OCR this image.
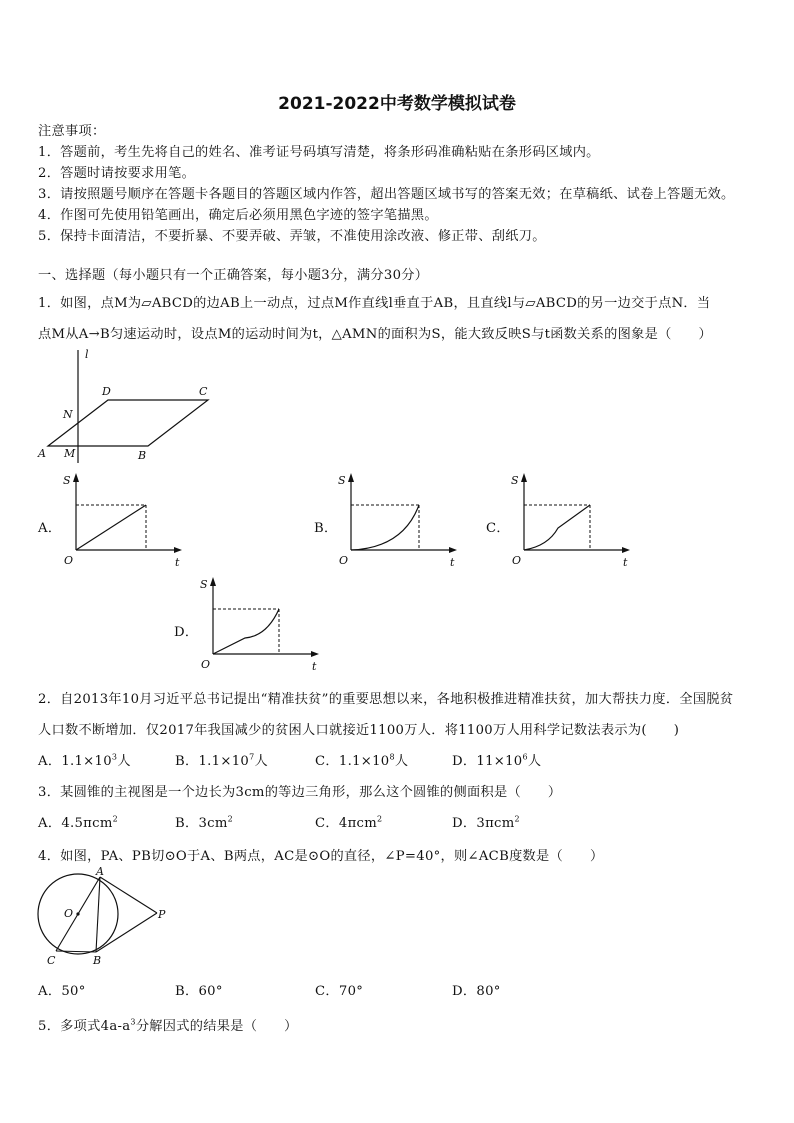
2021-2022中考数学模拟试卷
注意事项：
1．答题前，考生先将自己的姓名、准考证号码填写清楚，将条形码准确粘贴在条形码区域内。
2．答题时请按要求用笔。
3．请按照题号顺序在答题卡各题目的答题区域内作答，超出答题区域书写的答案无效；在草稿纸、试卷上答题无效。
4．作图可先使用铅笔画出，确定后必须用黑色字迹的签字笔描黑。
5．保持卡面清洁，不要折暴、不要弄破、弄皱，不准使用涂改液、修正带、刮纸刀。
一、选择题（每小题只有一个正确答案，每小题3分，满分30分）
1．如图，点M为▱ABCD的边AB上一动点，过点M作直线l垂直于AB，且直线l与▱ABCD的另一边交于点N．当
点M从A→B匀速运动时，设点M的运动时间为t，△AMN的面积为S，能大致反映S与t函数关系的图象是（　　）
l
D	C
N
A M	B
A．
S
O	t
B．
S
O	t
C．
S
O	t
D．
S
O	t
2．自2013年10月习近平总书记提出“精准扶贫”的重要思想以来，各地积极推进精准扶贫，加大帮扶力度．全国脱贫
人口数不断增加．仅2017年我国减少的贫困人口就接近1100万人．将1100万人用科学记数法表示为(　　)
A．$1.1\times 10^3$人	B．$1.1\times 10^7$人	C．$1.1\times 10^8$人	D．$11\times 10^6$人
3．某圆锥的主视图是一个边长为3cm的等边三角形，那么这个圆锥的侧面积是（　　）
A．4.5πcm$^2$	B．$3cm^2$	C．4πcm$^2$	D．3πcm$^2$
4．如图，PA、PB切⊙O于A、B两点，AC是⊙O的直径，∠P=40°，则∠ACB度数是（　　）
A
O	P
C	B
A．50°	B．60°	C．70°	D．80°
5．多项式$4a-a^3$分解因式的结果是（　　）
